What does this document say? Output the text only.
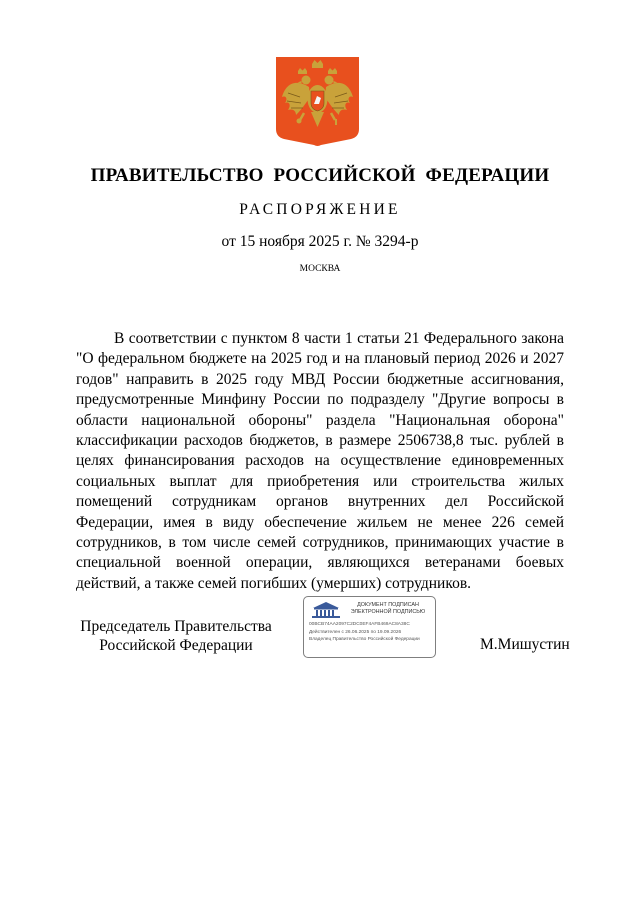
ПРАВИТЕЛЬСТВО РОССИЙСКОЙ ФЕДЕРАЦИИ
РАСПОРЯЖЕНИЕ
от 15 ноября 2025 г. № 3294-р
МОСКВА

В соответствии с пунктом 8 части 1 статьи 21 Федерального закона "О федеральном бюджете на 2025 год и на плановый период 2026 и 2027 годов" направить в 2025 году МВД России бюджетные ассигнования, предусмотренные Минфину России по подразделу "Другие вопросы в области национальной обороны" раздела "Национальная оборона" классификации расходов бюджетов, в размере 2506738,8 тыс. рублей в целях финансирования расходов на осуществление единовременных социальных выплат для приобретения или строительства жилых помещений сотрудникам органов внутренних дел Российской Федерации, имея в виду обеспечение жильем не менее 226 семей сотрудников, в том числе семей сотрудников, принимающих участие в специальной военной операции, являющихся ветеранами боевых действий, а также семей погибших (умерших) сотрудников.

Председатель Правительства
Российской Федерации
ДОКУМЕНТ ПОДПИСАН
ЭЛЕКТРОННОЙ ПОДПИСЬЮ
00BCB74AA2097C2DC0EF4AFB469AC8A38C
Действителен с 26.06.2025 по 19.09.2026
Владелец Правительство Российской Федерации	М.Мишустин
